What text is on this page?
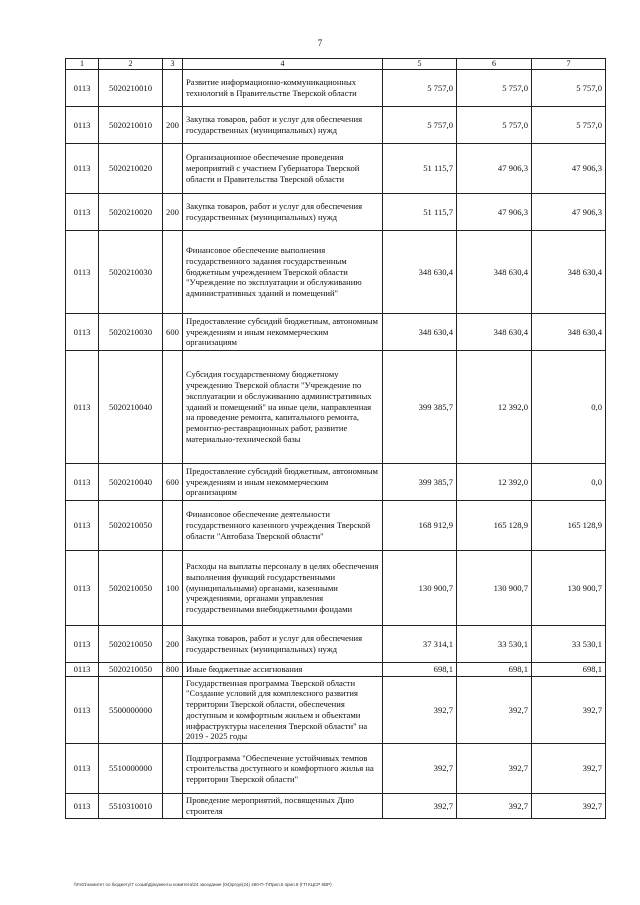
7
1	2	3	4	5	6	7
0113	5020210010		Развитие информационно-коммуникационных технологий в Правительстве Тверской области	5 757,0	5 757,0	5 757,0
0113	5020210010	200	Закупка товаров, работ и услуг для обеспечения государственных (муниципальных) нужд	5 757,0	5 757,0	5 757,0
0113	5020210020		Организационное обеспечение проведения мероприятий с участием Губернатора Тверской области и Правительства Тверской области	51 115,7	47 906,3	47 906,3
0113	5020210020	200	Закупка товаров, работ и услуг для обеспечения государственных (муниципальных) нужд	51 115,7	47 906,3	47 906,3
0113	5020210030		Финансовое обеспечение выполнения государственного задания государственным бюджетным учреждением Тверской области "Учреждение по эксплуатации и обслуживанию административных зданий и помещений"	348 630,4	348 630,4	348 630,4
0113	5020210030	600	Предоставление субсидий бюджетным, автономным учреждениям и иным некоммерческим организациям	348 630,4	348 630,4	348 630,4
0113	5020210040		Субсидия государственному бюджетному учреждению Тверской области "Учреждение по эксплуатации и обслуживанию административных зданий и помещений" на иные цели, направленная на проведение ремонта, капитального ремонта, ремонтно-реставрационных работ, развитие материально-технической базы	399 385,7	12 392,0	0,0
0113	5020210040	600	Предоставление субсидий бюджетным, автономным учреждениям и иным некоммерческим организациям	399 385,7	12 392,0	0,0
0113	5020210050		Финансовое обеспечение деятельности государственного казенного учреждения Тверской области "Автобаза Тверской области"	168 912,9	165 128,9	165 128,9
0113	5020210050	100	Расходы на выплаты персоналу в целях обеспечения выполнения функций государственными (муниципальными) органами, казенными учреждениями, органами управления государственными внебюджетными фондами	130 900,7	130 900,7	130 900,7
0113	5020210050	200	Закупка товаров, работ и услуг для обеспечения государственных (муниципальных) нужд	37 314,1	33 530,1	33 530,1
0113	5020210050	800	Иные бюджетные ассигнования	698,1	698,1	698,1
0113	5500000000		Государственная программа Тверской области "Создание условий для комплексного развития территории Тверской области, обеспечения доступным и комфортным жильем и объектами инфраструктуры населения Тверской области" на 2019 - 2025 годы	392,7	392,7	392,7
0113	5510000000		Подпрограмма "Обеспечение устойчивых темпов строительства доступного и комфортного жилья на территории Тверской области"	392,7	392,7	392,7
0113	5510310010		Проведение мероприятий, посвященных Дню строителя	392,7	392,7	392,7
\\Fs01\комитет по бюджету\7 созыв\Документы комитета\24 заседание (04)\proje(24) 460-П-7\Прил.5 прил.8 (ГП КЦСР КВР)
